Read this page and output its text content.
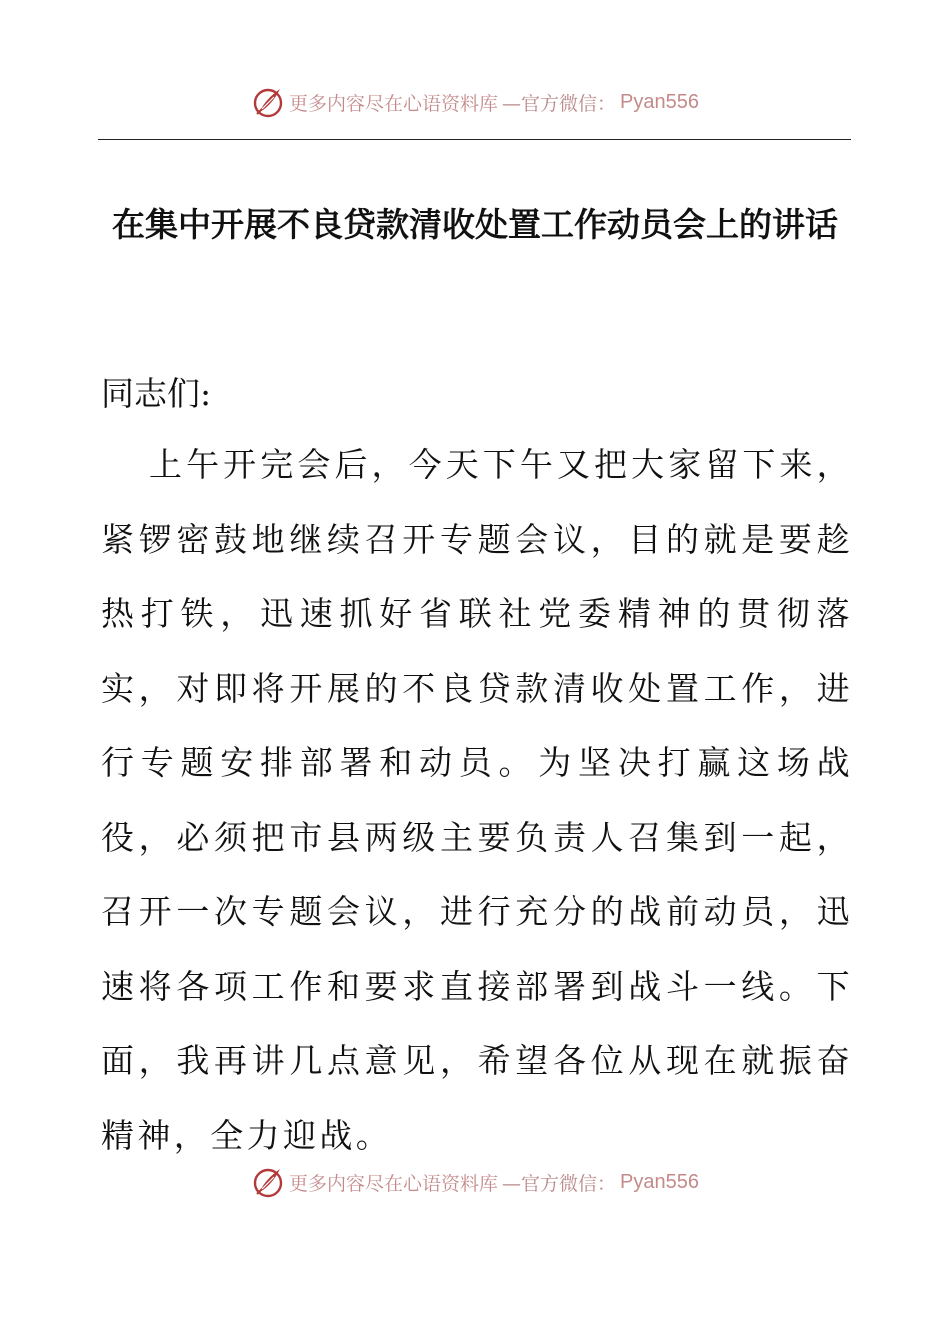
更多内容尽在心语资料库 —官方微信： Pyan556
在集中开展不良贷款清收处置工作动员会上的讲话

同志们:

上午开完会后，今天下午又把大家留下来，紧锣密鼓地继续召开专题会议，目的就是要趁热打铁，迅速抓好省联社党委精神的贯彻落实，对即将开展的不良贷款清收处置工作，进行专题安排部署和动员。为坚决打赢这场战役，必须把市县两级主要负责人召集到一起，召开一次专题会议，进行充分的战前动员，迅速将各项工作和要求直接部署到战斗一线。下面，我再讲几点意见，希望各位从现在就振奋精神，全力迎战。

更多内容尽在心语资料库 —官方微信： Pyan556
